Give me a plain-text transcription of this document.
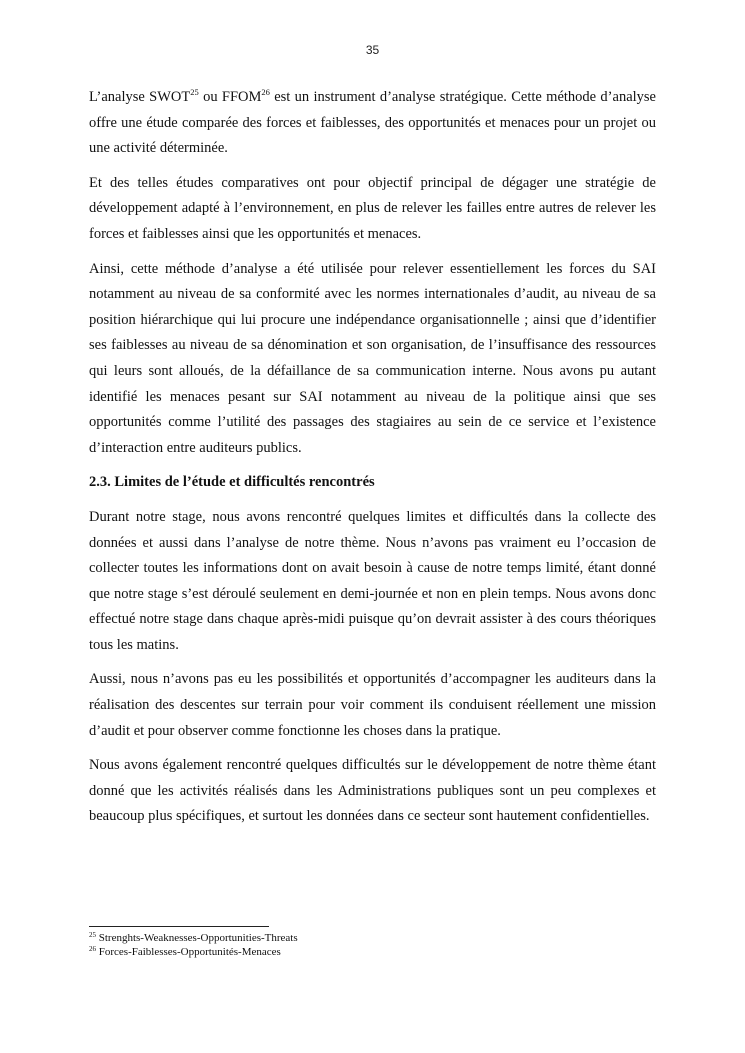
35

L’analyse SWOT$^{25}$ ou FFOM$^{26}$ est un instrument d’analyse stratégique. Cette méthode d’analyse offre une étude comparée des forces et faiblesses, des opportunités et menaces pour un projet ou une activité déterminée.

Et des telles études comparatives ont pour objectif principal de dégager une stratégie de développement adapté à l’environnement, en plus de relever les failles entre autres de relever les forces et faiblesses ainsi que les opportunités et menaces.

Ainsi, cette méthode d’analyse a été utilisée pour relever essentiellement les forces du SAI notamment au niveau de sa conformité avec les normes internationales d’audit, au niveau de sa position hiérarchique qui lui procure une indépendance organisationnelle ; ainsi que d’identifier ses faiblesses au niveau de sa dénomination et son organisation, de l’insuffisance des ressources qui leurs sont alloués, de la défaillance de sa communication interne. Nous avons pu autant identifié les menaces pesant sur SAI notamment au niveau de la politique ainsi que ses opportunités comme l’utilité des passages des stagiaires au sein de ce service et l’existence d’interaction entre auditeurs publics.

2.3. Limites de l’étude et difficultés rencontrés

Durant notre stage, nous avons rencontré quelques limites et difficultés dans la collecte des données et aussi dans l’analyse de notre thème. Nous n’avons pas vraiment eu l’occasion de collecter toutes les informations dont on avait besoin à cause de notre temps limité, étant donné que notre stage s’est déroulé seulement en demi-journée et non en plein temps. Nous avons donc effectué notre stage dans chaque après-midi puisque qu’on devrait assister à des cours théoriques tous les matins.

Aussi, nous n’avons pas eu les possibilités et opportunités d’accompagner les auditeurs dans la réalisation des descentes sur terrain pour voir comment ils conduisent réellement une mission d’audit et pour observer comme fonctionne les choses dans la pratique.

Nous avons également rencontré quelques difficultés sur le développement de notre thème étant donné que les activités réalisés dans les Administrations publiques sont un peu complexes et beaucoup plus spécifiques, et surtout les données dans ce secteur sont hautement confidentielles.

$^{25}$ Strenghts-Weaknesses-Opportunities-Threats
$^{26}$ Forces-Faiblesses-Opportunités-Menaces
